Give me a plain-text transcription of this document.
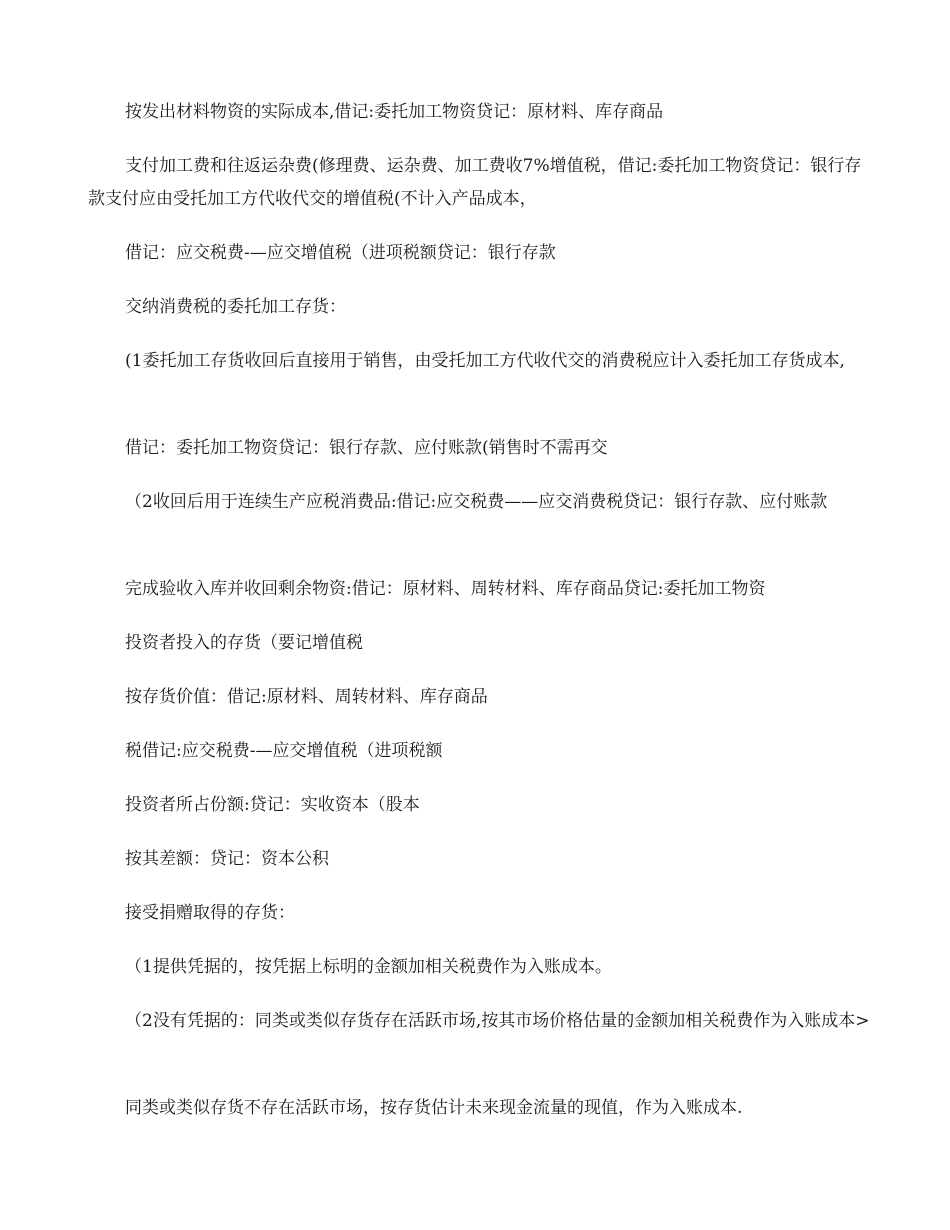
按发出材料物资的实际成本,借记:委托加工物资贷记：原材料、库存商品

支付加工费和往返运杂费(修理费、运杂费、加工费收7%增值税，借记:委托加工物资贷记：银行存款支付应由受托加工方代收代交的增值税(不计入产品成本，

借记：应交税费-—应交增值税（进项税额贷记：银行存款

交纳消费税的委托加工存货：

(1委托加工存货收回后直接用于销售，由受托加工方代收代交的消费税应计入委托加工存货成本,

借记：委托加工物资贷记：银行存款、应付账款(销售时不需再交

（2收回后用于连续生产应税消费品:借记:应交税费——应交消费税贷记：银行存款、应付账款

完成验收入库并收回剩余物资:借记：原材料、周转材料、库存商品贷记:委托加工物资

投资者投入的存货（要记增值税

按存货价值：借记:原材料、周转材料、库存商品

税借记:应交税费-—应交增值税（进项税额

投资者所占份额:贷记：实收资本（股本

按其差额：贷记：资本公积

接受捐赠取得的存货：

（1提供凭据的，按凭据上标明的金额加相关税费作为入账成本。

（2没有凭据的：同类或类似存货存在活跃市场,按其市场价格估量的金额加相关税费作为入账成本>

同类或类似存货不存在活跃市场，按存货估计未来现金流量的现值，作为入账成本.
